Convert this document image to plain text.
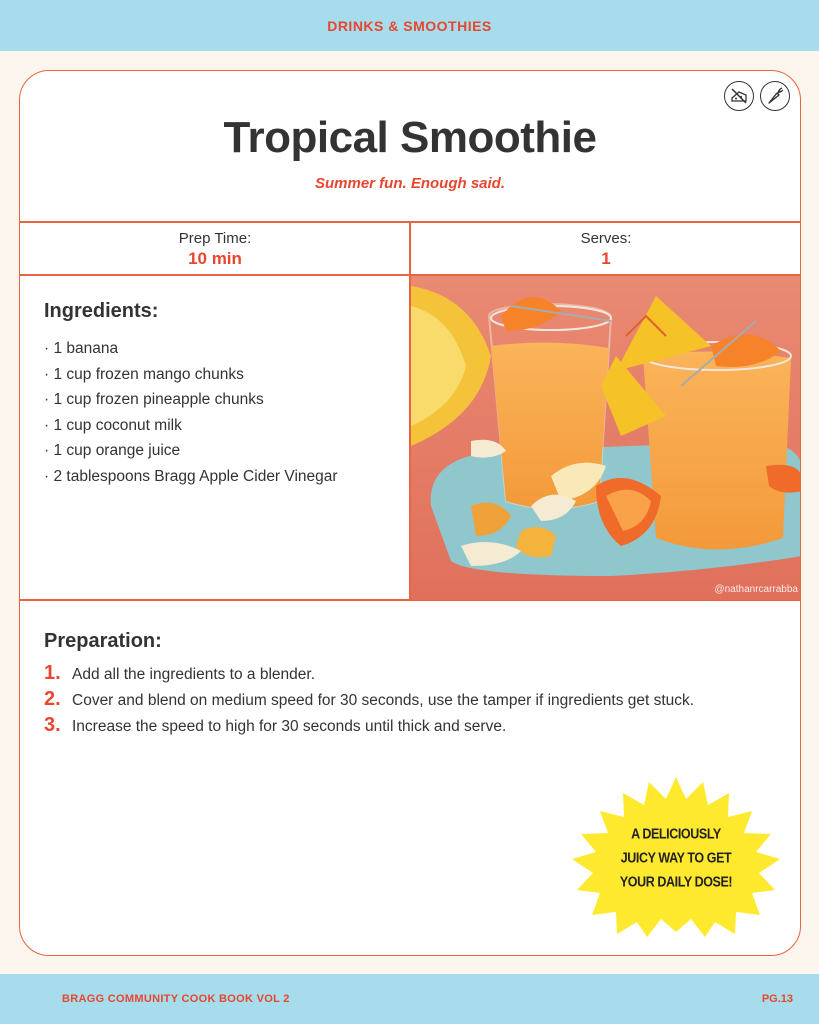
DRINKS & SMOOTHIES
Tropical Smoothie
Summer fun. Enough said.
Prep Time:
10 min
Serves:
1
Ingredients:
· 1 banana
· 1 cup frozen mango chunks
· 1 cup frozen pineapple chunks
· 1 cup coconut milk
· 1 cup orange juice
· 2 tablespoons Bragg Apple Cider Vinegar
@nathanrcarrabba
Preparation:
1. Add all the ingredients to a blender.
2. Cover and blend on medium speed for 30 seconds, use the tamper if ingredients get stuck.
3. Increase the speed to high for 30 seconds until thick and serve.
A DELICIOUSLY
JUICY WAY TO GET
YOUR DAILY DOSE!
BRAGG COMMUNITY COOK BOOK VOL 2	PG.13
